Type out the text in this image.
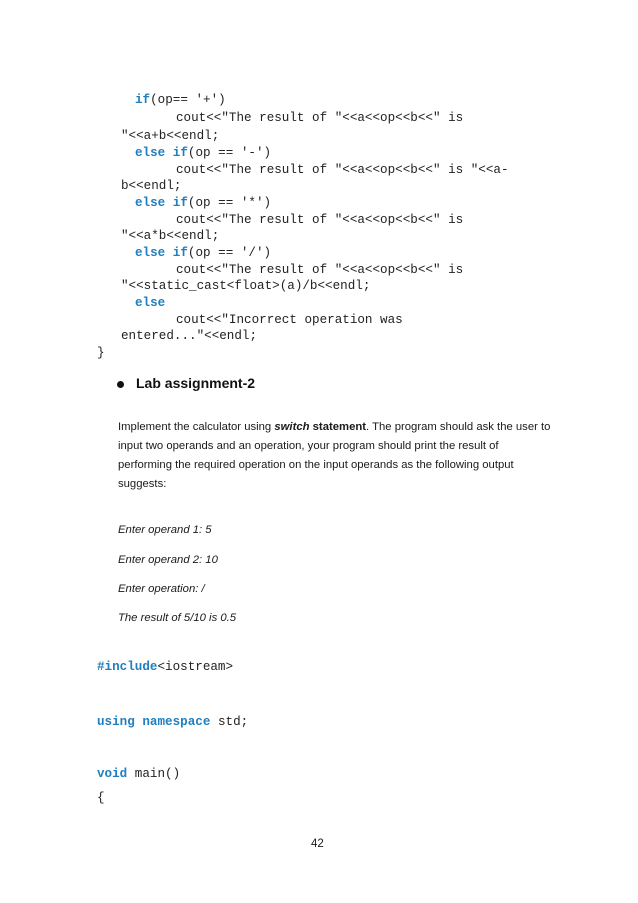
if(op== '+')
cout<<"The result of "<<a<<op<<b<<" is
"<<a+b<<endl;
else if(op == '-')
cout<<"The result of "<<a<<op<<b<<" is "<<a-
b<<endl;
else if(op == '*')
cout<<"The result of "<<a<<op<<b<<" is
"<<a*b<<endl;
else if(op == '/')
cout<<"The result of "<<a<<op<<b<<" is
"<<static_cast<float>(a)/b<<endl;
else
cout<<"Incorrect operation was
entered..."<<endl;
}
Lab assignment-2
Implement the calculator using switch statement. The program should ask the user to
input two operands and an operation, your program should print the result of
performing the required operation on the input operands as the following output
suggests:
Enter operand 1: 5
Enter operand 2: 10
Enter operation: /
The result of 5/10 is 0.5
#include<iostream>
using namespace std;
void main()
{
42
